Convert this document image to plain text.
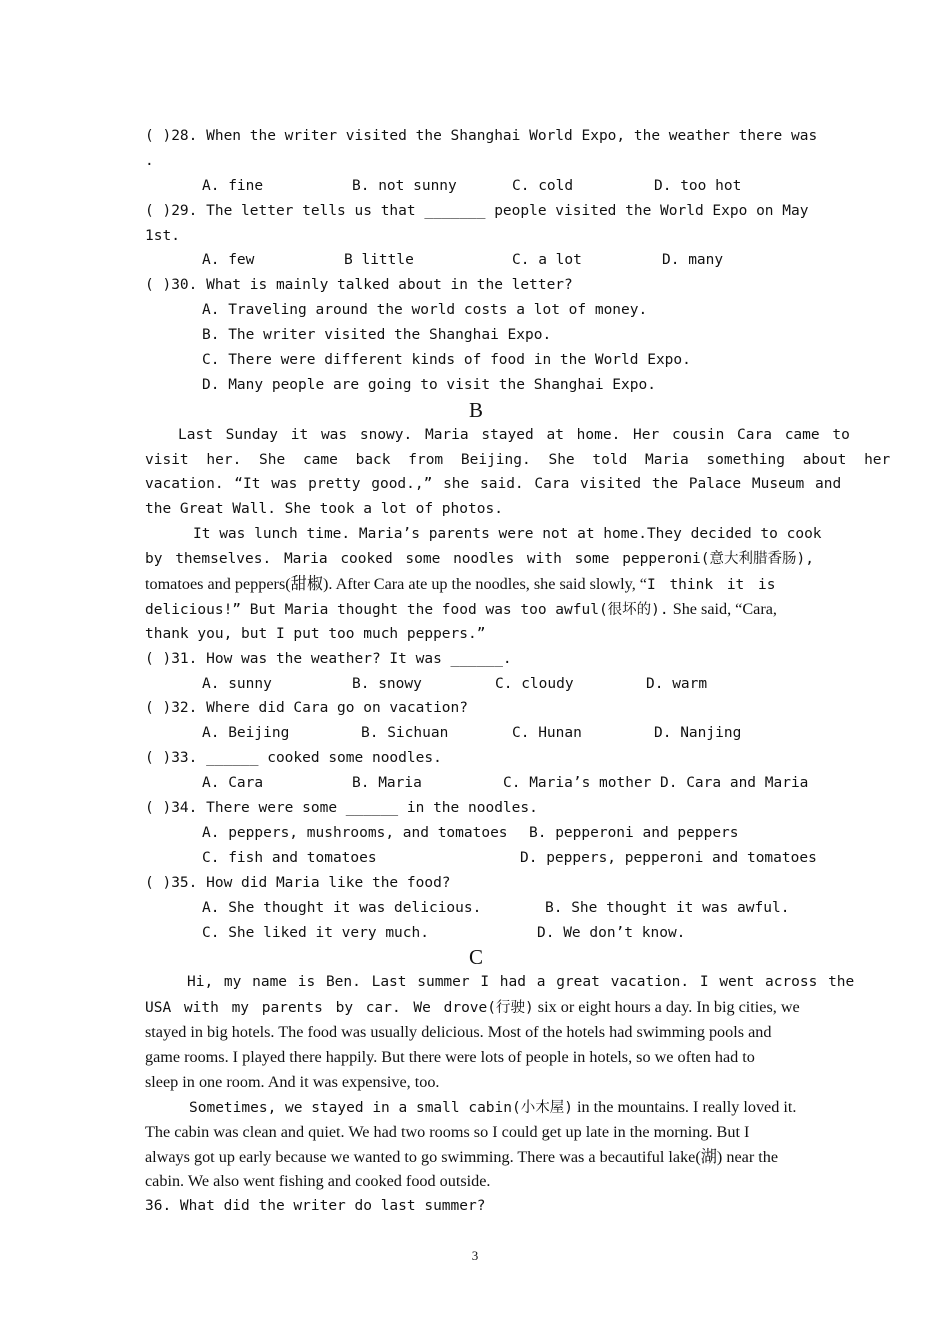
( )28. When the writer visited the Shanghai World Expo, the weather there was
.
A. fine	B. not sunny	C. cold	D. too hot
( )29. The letter tells us that _______ people visited the World Expo on May
1st.
A. few	B little	C. a lot	D. many
( )30. What is mainly talked about in the letter?
A. Traveling around the world costs a lot of money.
B. The writer visited the Shanghai Expo.
C. There were different kinds of food in the World Expo.
D. Many people are going to visit the Shanghai Expo.
B
Last Sunday it was snowy. Maria stayed at home. Her cousin Cara came to
visit her. She came back from Beijing. She told Maria something about her
vacation. “It was pretty good.,” she said. Cara visited the Palace Museum and
the Great Wall. She took a lot of photos.
It was lunch time. Maria’s parents were not at home.They decided to cook
by themselves. Maria cooked some noodles with some pepperoni(意大利腊香肠),
tomatoes and peppers(甜椒). After Cara ate up the noodles, she said slowly, “I think it is
delicious!” But Maria thought the food was too awful(很坏的). She said, “Cara,
thank you, but I put too much peppers.”
( )31. How was the weather? It was ______.
A. sunny	B. snowy	C. cloudy	D. warm
( )32. Where did Cara go on vacation?
A. Beijing	B. Sichuan	C. Hunan	D. Nanjing
( )33. ______ cooked some noodles.
A. Cara	B. Maria	C. Maria’s mother D. Cara and Maria
( )34. There were some ______ in the noodles.
A. peppers, mushrooms, and tomatoes B. pepperoni and peppers
C. fish and tomatoes	D. peppers, pepperoni and tomatoes
( )35. How did Maria like the food?
A. She thought it was delicious.	B. She thought it was awful.
C. She liked it very much.	D. We don’t know.
C
Hi, my name is Ben. Last summer I had a great vacation. I went across the
USA with my parents by car. We drove(行驶) six or eight hours a day. In big cities, we
stayed in big hotels. The food was usually delicious. Most of the hotels had swimming pools and
game rooms. I played there happily. But there were lots of people in hotels, so we often had to
sleep in one room. And it was expensive, too.
Sometimes, we stayed in a small cabin(小木屋) in the mountains. I really loved it.
The cabin was clean and quiet. We had two rooms so I could get up late in the morning. But I
always got up early because we wanted to go swimming. There was a becautiful lake(湖) near the
cabin. We also went fishing and cooked food outside.
36. What did the writer do last summer?
3
